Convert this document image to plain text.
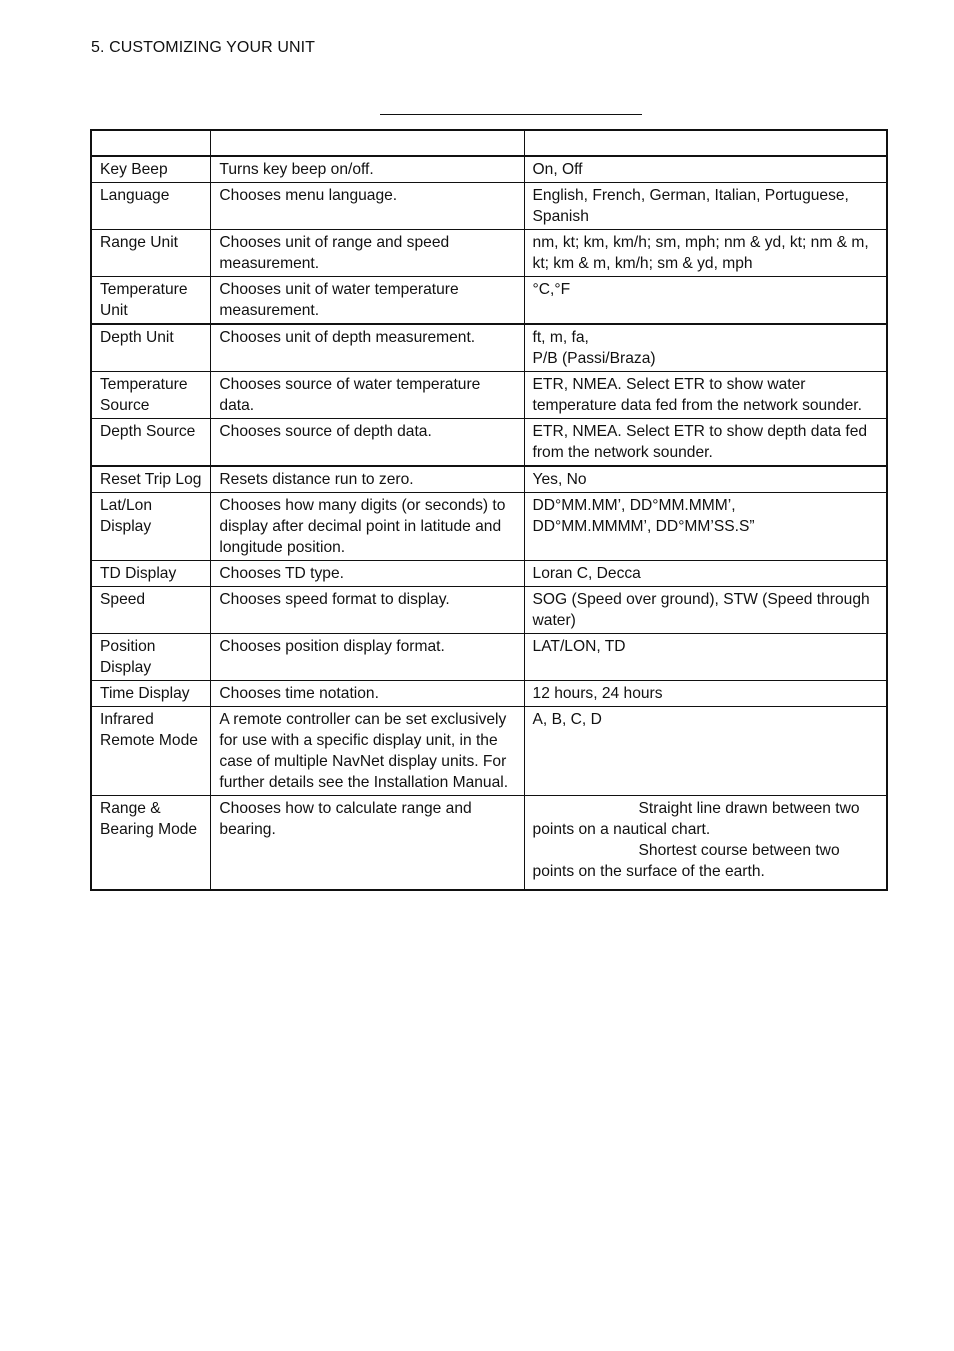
5. CUSTOMIZING YOUR UNIT

Key Beep	Turns key beep on/off.	On, Off
Language	Chooses menu language.	English, French, German, Italian, Portuguese, Spanish
Range Unit	Chooses unit of range and speed measurement.	nm, kt; km, km/h; sm, mph; nm & yd, kt; nm & m, kt; km & m, km/h; sm & yd, mph
Temperature Unit	Chooses unit of water temperature measurement.	°C,°F
Depth Unit	Chooses unit of depth measurement.	ft, m, fa,
P/B (Passi/Braza)
Temperature Source	Chooses source of water temperature data.	ETR, NMEA. Select ETR to show water temperature data fed from the network sounder.
Depth Source	Chooses source of depth data.	ETR, NMEA. Select ETR to show depth data fed from the network sounder.
Reset Trip Log	Resets distance run to zero.	Yes, No
Lat/Lon Display	Chooses how many digits (or seconds) to display after decimal point in latitude and longitude position.	DD°MM.MM’, DD°MM.MMM’,
DD°MM.MMMM’, DD°MM’SS.S”
TD Display	Chooses TD type.	Loran C, Decca
Speed	Chooses speed format to display.	SOG (Speed over ground), STW (Speed through water)
Position Display	Chooses position display format.	LAT/LON, TD
Time Display	Chooses time notation.	12 hours, 24 hours
Infrared Remote Mode	A remote controller can be set exclusively for use with a specific display unit, in the case of multiple NavNet display units. For further details see the Installation Manual.	A, B, C, D
Range & Bearing Mode	Chooses how to calculate range and bearing.	Straight line drawn between two
points on a nautical chart.
Shortest course between two
points on the surface of the earth.
